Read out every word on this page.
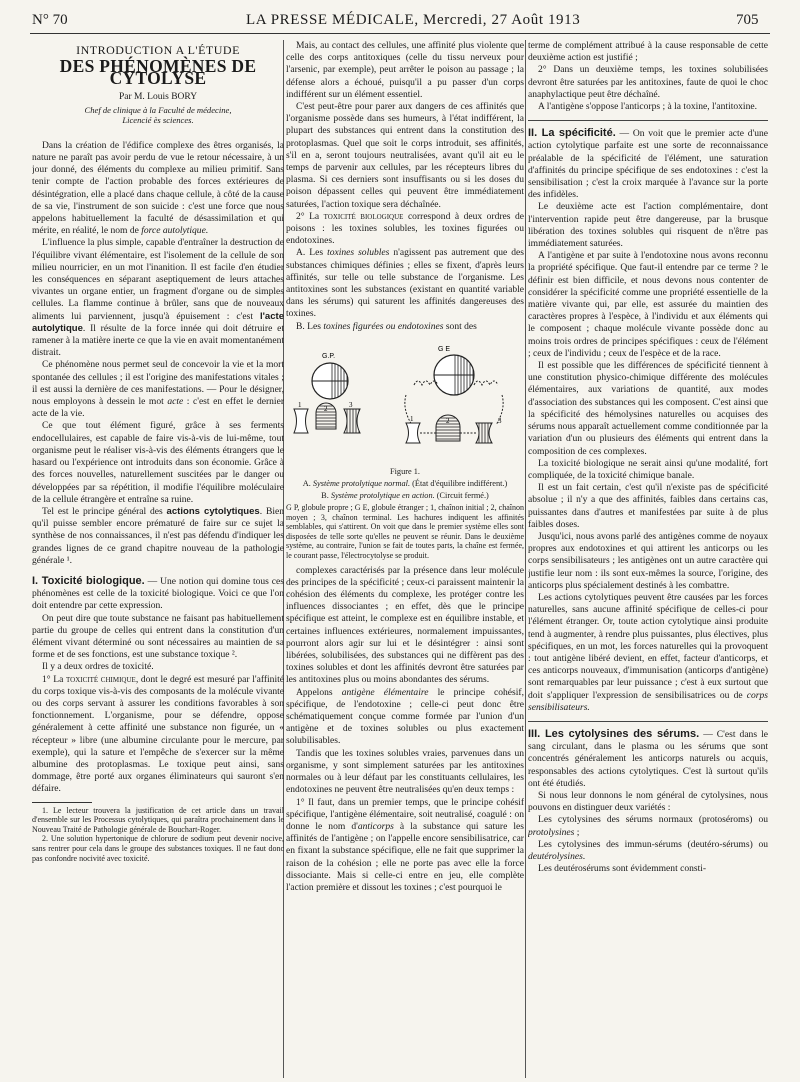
N° 70	LA PRESSE MÉDICALE, Mercredi, 27 Août 1913	705
INTRODUCTION A L'ÉTUDE
DES PHÉNOMÈNES DE CYTOLYSE
Par M. Louis BORY
Chef de clinique à la Faculté de médecine,
Licencié ès sciences.

Dans la création de l'édifice complexe des êtres organisés, la nature ne paraît pas avoir perdu de vue le retour nécessaire, à un jour donné, des éléments du complexe au milieu primitif. Sans tenir compte de l'action probable des forces extérieures de désintégration, elle a placé dans chaque cellule, à côté de la cause de sa vie, l'instrument de son suicide : c'est une force que nous appelons habituellement la faculté de désassimilation et qui mérite, en réalité, le nom de force autolytique.

L'influence la plus simple, capable d'entraîner la destruction de l'équilibre vivant élémentaire, est l'isolement de la cellule de son milieu nourricier, en un mot l'inanition. Il est facile d'en étudier les conséquences en séparant aseptiquement de leurs attaches vivantes un organe entier, un fragment d'organe ou de simples cellules. La flamme continue à brûler, sans que de nouveaux aliments lui parviennent, jusqu'à épuisement : c'est l'acte autolytique. Il résulte de la force innée qui doit détruire et ramener à la matière inerte ce que la vie en avait momentanément distrait.

Ce phénomène nous permet seul de concevoir la vie et la mort spontanée des cellules ; il est l'origine des manifestations vitales ; il est aussi la dernière de ces manifestations. — Pour le désigner, nous employons à dessein le mot acte : c'est en effet le dernier acte de la vie.

Ce que tout élément figuré, grâce à ses ferments endocellulaires, est capable de faire vis-à-vis de lui-même, tout organisme peut le réaliser vis-à-vis des éléments étrangers que le hasard ou l'expérience ont introduits dans son économie. Grâce à des forces nouvelles, naturellement suscitées par le danger ou développées par sa répétition, il modifie l'équilibre moléculaire de la cellule étrangère et entraîne sa ruine.

Tel est le principe général des actions cytolytiques. Bien qu'il puisse sembler encore prématuré de faire sur ce sujet la synthèse de nos connaissances, il n'est pas défendu d'indiquer les grandes lignes de ce grand chapitre nouveau de la pathologie générale ¹.

I. Toxicité biologique. — Une notion qui domine tous ces phénomènes est celle de la toxicité biologique. Voici ce que l'on doit entendre par cette expression.

On peut dire que toute substance ne faisant pas habituellement partie du groupe de celles qui entrent dans la constitution d'un élément vivant déterminé ou sont nécessaires au maintien de sa forme et de ses fonctions, est une substance toxique ².

Il y a deux ordres de toxicité.

1° La toxicité chimique, dont le degré est mesuré par l'affinité du corps toxique vis-à-vis des composants de la molécule vivante ou des corps servant à assurer les conditions favorables à son fonctionnement. L'organisme, pour se défendre, oppose généralement à cette affinité une substance non figurée, un « récepteur » libre (une albumine circulante pour le mercure, par exemple), qui la sature et l'empêche de s'exercer sur la même albumine des protoplasmas. Le toxique peut ainsi, sans dommage, être porté aux organes éliminateurs qui sauront s'en défaire.

1. Le lecteur trouvera la justification de cet article dans un travail d'ensemble sur les Processus cytolytiques, qui paraîtra prochainement dans le Nouveau Traité de Pathologie générale de Bouchart-Roger.

2. Une solution hypertonique de chlorure de sodium peut devenir nocive, sans rentrer pour cela dans le groupe des substances toxiques. Il ne faut donc pas confondre nocivité avec toxicité.

Mais, au contact des cellules, une affinité plus violente que celle des corps antitoxiques (celle du tissu nerveux pour l'arsenic, par exemple), peut arrêter le poison au passage ; la défense alors a échoué, puisqu'il a pu passer d'un corps indifférent sur un élément essentiel.

C'est peut-être pour parer aux dangers de ces affinités que l'organisme possède dans ses humeurs, à l'état indifférent, la plupart des substances qui entrent dans la constitution des protoplasmas. Quel que soit le corps introduit, ses affinités, s'il en a, seront toujours neutralisées, avant qu'il ait eu le temps de parvenir aux cellules, par les récepteurs libres du plasma. Si ces derniers sont insuffisants ou si les doses du poison dépassent celles qui peuvent être immédiatement saturées, l'action toxique sera déchaînée.

2° La toxicité biologique correspond à deux ordres de poisons : les toxines solubles, les toxines figurées ou endotoxines.

A. Les toxines solubles n'agissent pas autrement que des substances chimiques définies ; elles se fixent, d'après leurs affinités, sur telle ou telle substance de l'organisme. Les antitoxines sont les substances (existant en quantité variable dans les sérums) qui saturent les affinités dangereuses des toxines.

B. Les toxines figurées ou endotoxines sont des

G.P.
1	2	3
G E
1	2	3
Figure 1.
A. Système protolytique normal. (État d'équilibre indifférent.)
B. Système protolytique en action. (Circuit fermé.)
G P, globule propre ; G E, globule étranger ; 1, chaînon initial ; 2, chaînon moyen ; 3, chaînon terminal. Les hachures indiquent les affinités semblables, qui s'attirent. On voit que dans le premier système elles sont disposées de telle sorte qu'elles ne peuvent se réunir. Dans le deuxième système, au contraire, l'union se fait de toutes parts, la chaîne est fermée, le courant passe, l'électrocytolyse se produit.

complexes caractérisés par la présence dans leur molécule des principes de la spécificité ; ceux-ci paraissent maintenir la cohésion des éléments du complexe, les protéger contre les influences dissociantes ; en effet, dès que le principe spécifique est atteint, le complexe est en équilibre instable, et certaines influences extérieures, normalement impuissantes, pourront alors agir sur lui et le désintégrer : ainsi sont libérées, solubilisées, des substances qui ne diffèrent pas des toxines solubles et dont les affinités devront être saturées par les antitoxines plus ou moins abondantes des sérums.

Appelons antigène élémentaire le principe cohésif, spécifique, de l'endotoxine ; celle-ci peut donc être schématiquement conçue comme formée par l'union d'un antigène et de toxines solubles ou plus exactement solubilisables.

Tandis que les toxines solubles vraies, parvenues dans un organisme, y sont simplement saturées par les antitoxines normales ou à leur défaut par les constituants cellulaires, les endotoxines ne peuvent être neutralisées qu'en deux temps :

1° Il faut, dans un premier temps, que le principe cohésif spécifique, l'antigène élémentaire, soit neutralisé, coagulé : on donne le nom d'anticorps à la substance qui sature les affinités de l'antigène ; on l'appelle encore sensibilisatrice, car en fixant la substance spécifique, elle ne fait que supprimer la raison de la cohésion ; elle ne porte pas avec elle la force dissociante. Mais si celle-ci entre en jeu, elle complète l'action première et dissout les toxines ; c'est pourquoi le

terme de complément attribué à la cause responsable de cette deuxième action est justifié ;

2° Dans un deuxième temps, les toxines solubilisées devront être saturées par les antitoxines, faute de quoi le choc anaphylactique peut être déchaîné.

A l'antigène s'oppose l'anticorps ; à la toxine, l'antitoxine.

II. La spécificité. — On voit que le premier acte d'une action cytolytique parfaite est une sorte de reconnaissance préalable de la spécificité de l'élément, une saturation d'affinités du principe spécifique de ses endotoxines : c'est la sensibilisation ; c'est la croix marquée à l'avance sur la porte des infidèles.

Le deuxième acte est l'action complémentaire, dont l'intervention rapide peut être dangereuse, par la brusque libération des toxines solubles qui risquent de n'être pas immédiatement saturées.

A l'antigène et par suite à l'endotoxine nous avons reconnu la propriété spécifique. Que faut-il entendre par ce terme ? le définir est bien difficile, et nous devons nous contenter de considérer la spécificité comme une propriété essentielle de la matière vivante qui, par elle, est assurée du maintien des caractères propres à l'espèce, à l'individu et aux éléments qui le composent ; chaque molécule vivante possède donc au moins trois ordres de principes spécifiques : ceux de l'élément ; ceux de l'individu ; ceux de l'espèce et de la race.

Il est possible que les différences de spécificité tiennent à une constitution physico-chimique différente des molécules élémentaires, aux variations de quantité, aux modes d'association des substances qui les composent. C'est ainsi que la spécificité des hémolysines naturelles ou acquises des sérums nous apparaît actuellement comme conditionnée par la variation d'un ou plusieurs des éléments qui entrent dans la composition de ces complexes.

La toxicité biologique ne serait ainsi qu'une modalité, fort compliquée, de la toxicité chimique banale.

Il est un fait certain, c'est qu'il n'existe pas de spécificité absolue ; il n'y a que des affinités, faibles dans certains cas, puissantes dans d'autres et manifestées par suite à de plus faibles doses.

Jusqu'ici, nous avons parlé des antigènes comme de noyaux propres aux endotoxines et qui attirent les anticorps ou les corps sensibilisateurs ; les antigènes ont un autre caractère qui justifie leur nom : ils sont eux-mêmes la source, l'origine, des anticorps plus spécialement destinés à les combattre.

Les actions cytolytiques peuvent être causées par les forces naturelles, sans aucune affinité spécifique de celles-ci pour l'élément étranger. Or, toute action cytolytique ainsi produite tend à augmenter, à rendre plus puissantes, plus électives, plus spécifiques, en un mot, les forces naturelles qui la provoquent : tout antigène libéré devient, en effet, facteur d'anticorps, et ces anticorps nouveaux, d'immunisation (anticorps d'antigène) sont remarquables par leur puissance ; c'est à eux surtout que doit s'appliquer l'expression de sensibilisatrices ou de corps sensibilisateurs.

III. Les cytolysines des sérums. — C'est dans le sang circulant, dans le plasma ou les sérums que sont concentrés généralement les anticorps naturels ou acquis, responsables des actions cytolytiques. C'est là surtout qu'ils ont été étudiés.

Si nous leur donnons le nom général de cytolysines, nous pouvons en distinguer deux variétés :

Les cytolysines des sérums normaux (protoséroms) ou protolysines ;

Les cytolysines des immun-sérums (deutéro-sérums) ou deutérolysines.

Les deutérosérums sont évidemment consti-
